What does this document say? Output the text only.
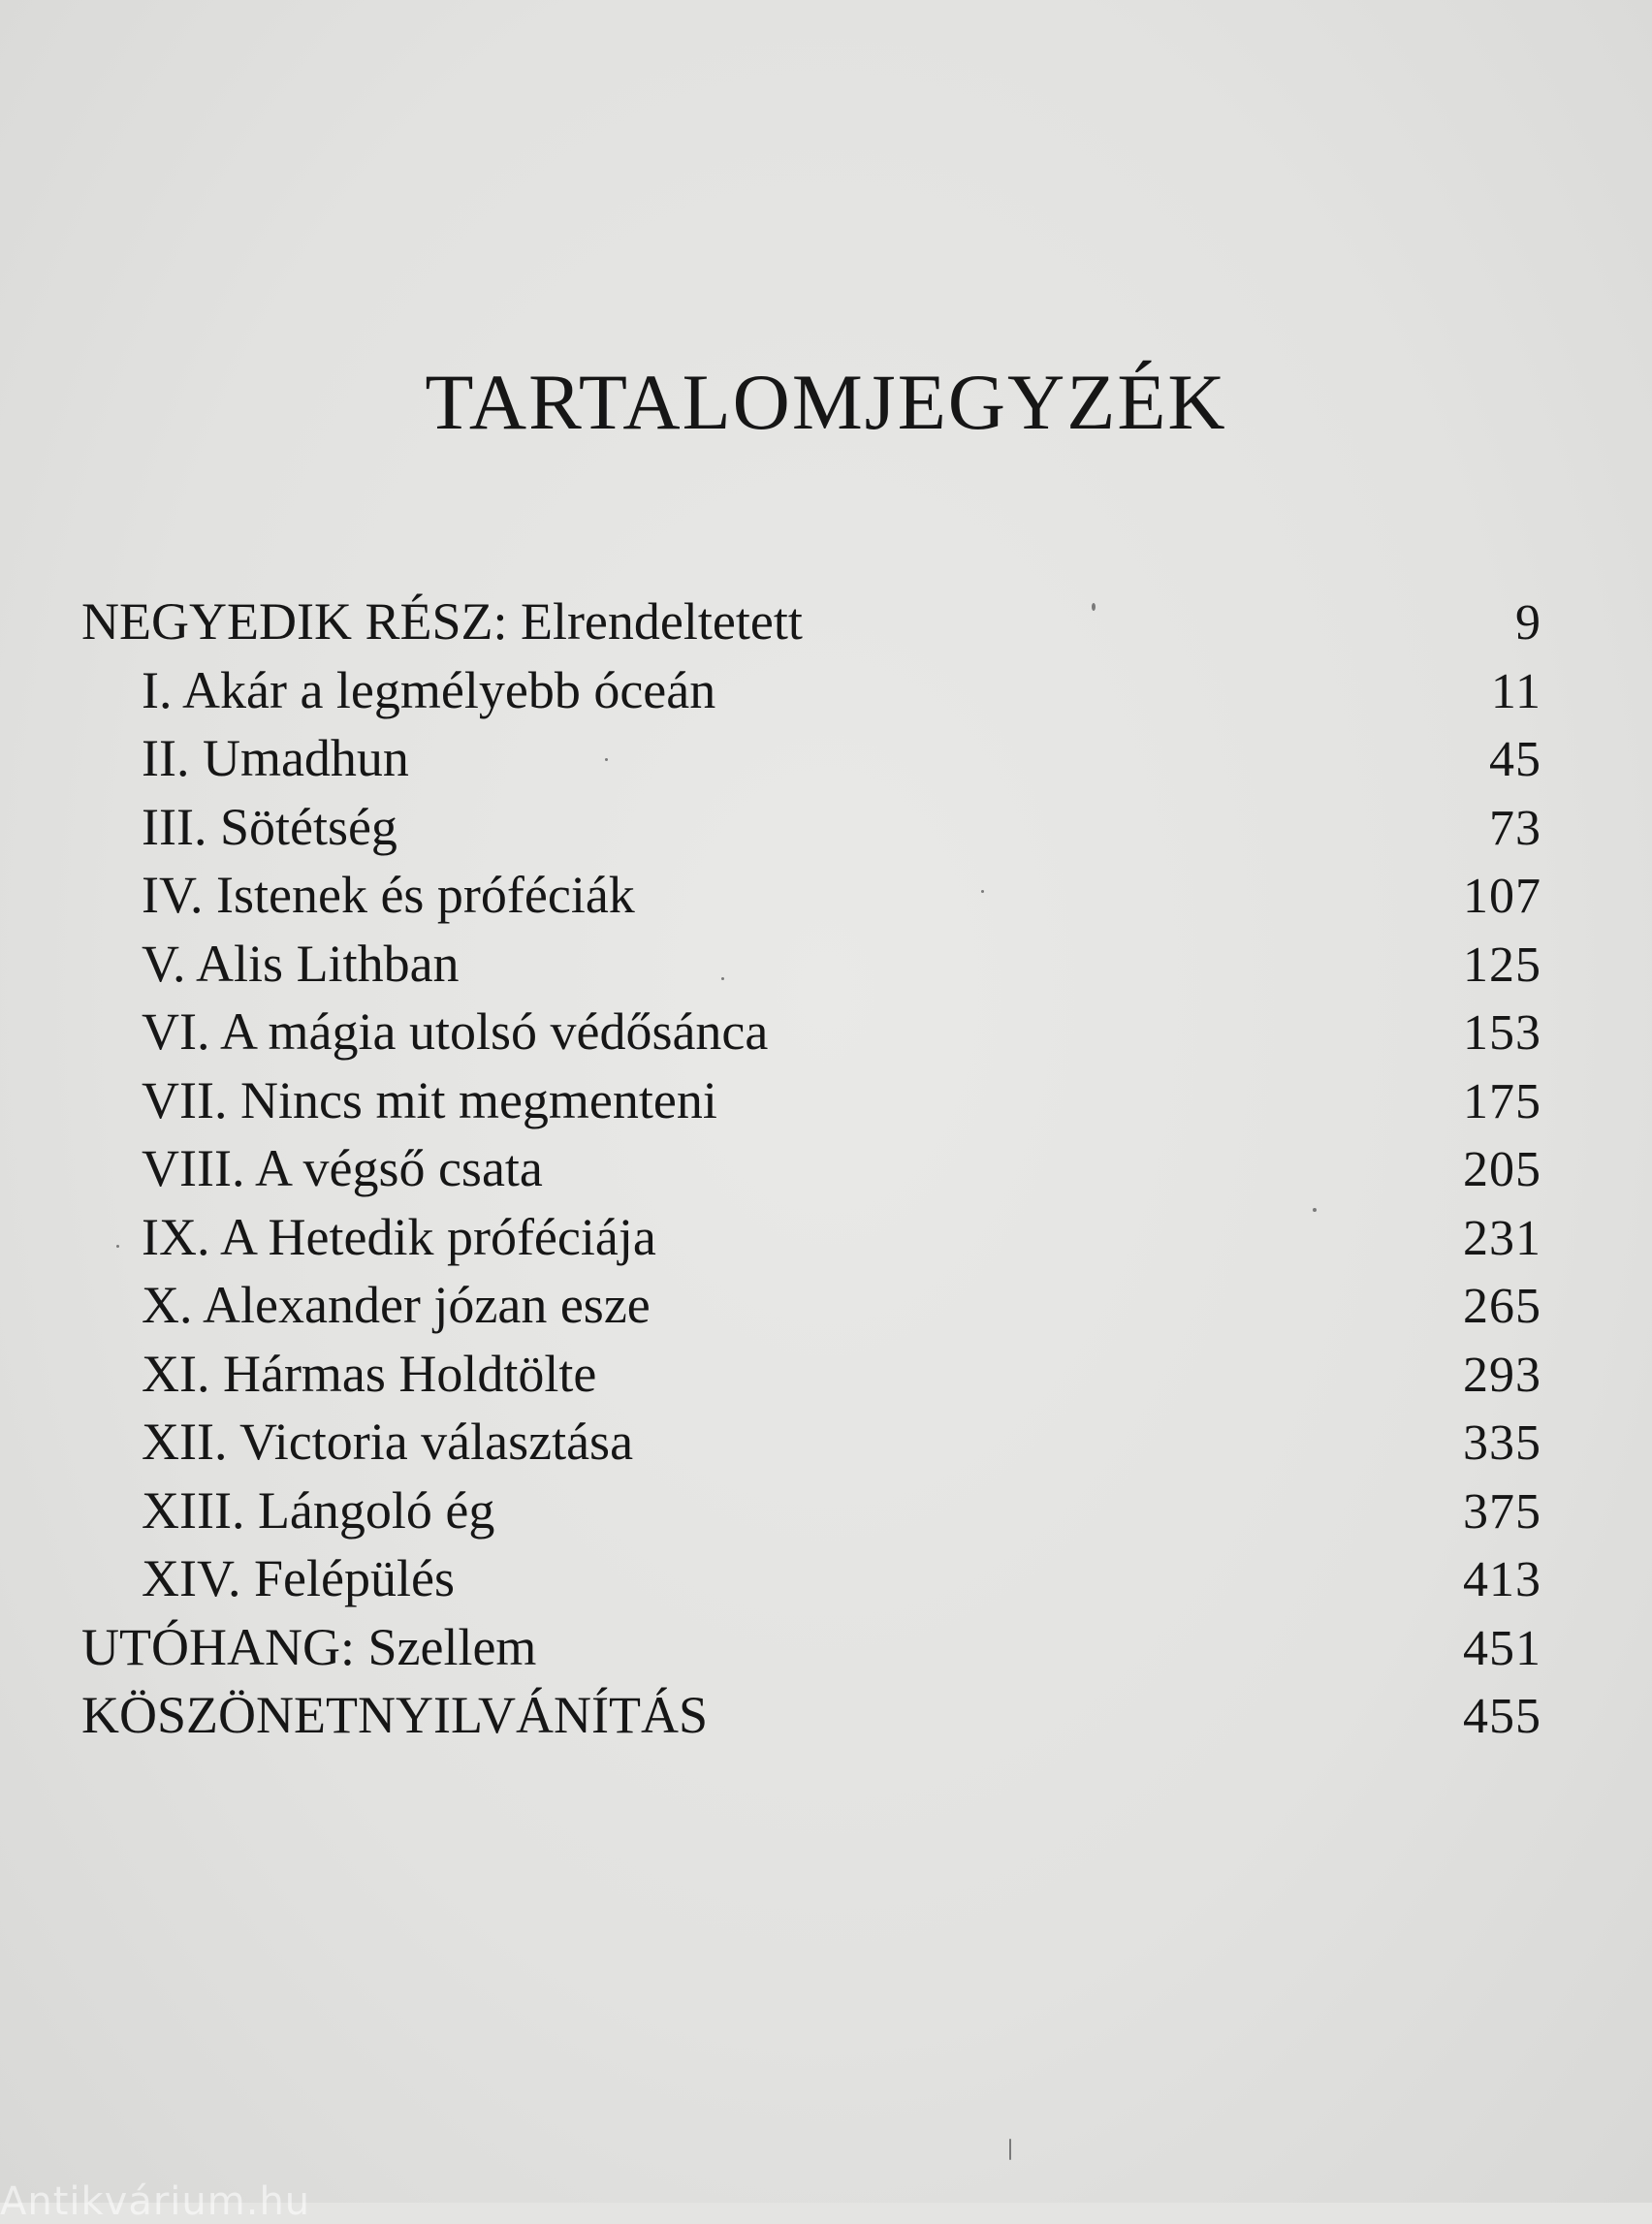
TARTALOMJEGYZÉK
NEGYEDIK RÉSZ: Elrendeltetett	9
I. Akár a legmélyebb óceán	11
II. Umadhun	45
III. Sötétség	73
IV. Istenek és próféciák	107
V. Alis Lithban	125
VI. A mágia utolsó védősánca	153
VII. Nincs mit megmenteni	175
VIII. A végső csata	205
IX. A Hetedik próféciája	231
X. Alexander józan esze	265
XI. Hármas Holdtölte	293
XII. Victoria választása	335
XIII. Lángoló ég	375
XIV. Felépülés	413
UTÓHANG: Szellem	451
KÖSZÖNETNYILVÁNÍTÁS	455
Antikvárium.hu
